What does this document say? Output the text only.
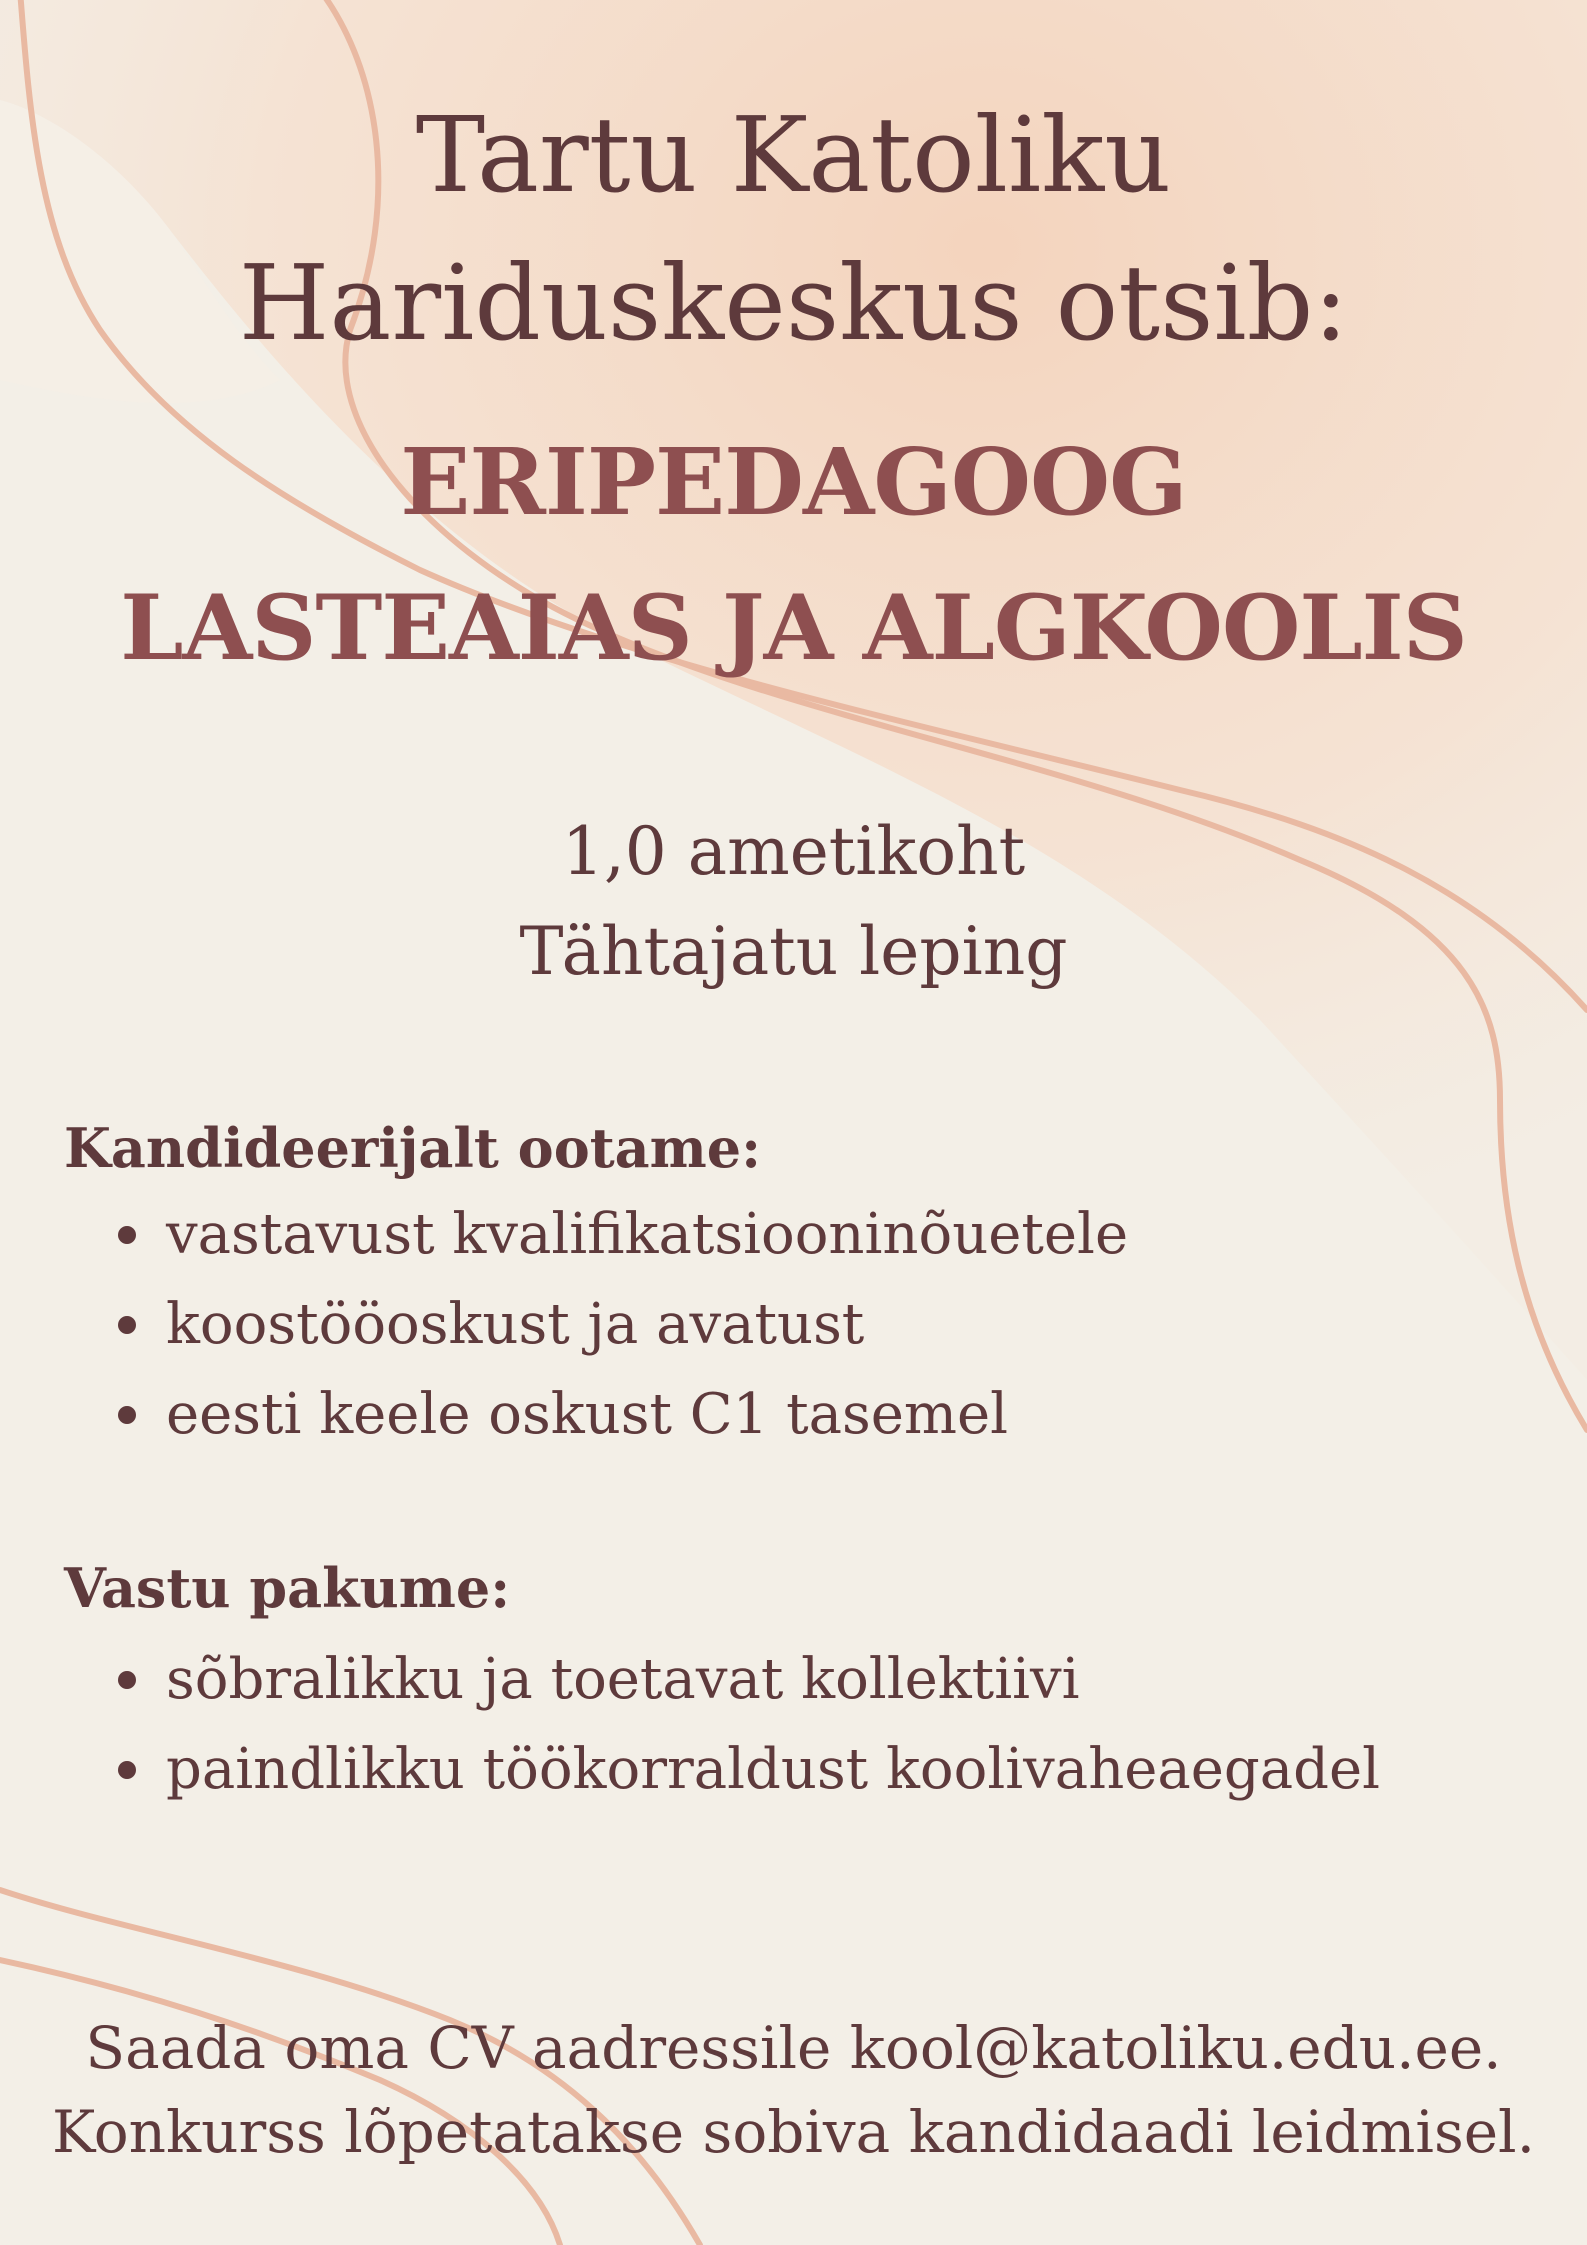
Tartu Katoliku
Hariduskeskus otsib:
ERIPEDAGOOG
LASTEAIAS JA ALGKOOLIS
1,0 ametikoht
Tähtajatu leping
Kandideerijalt ootame:
vastavust kvalifikatsiooninõuetele
koostööoskust ja avatust
eesti keele oskust C1 tasemel
Vastu pakume:
sõbralikku ja toetavat kollektiivi
paindlikku töökorraldust koolivaheaegadel
Saada oma CV aadressile kool@katoliku.edu.ee.
Konkurss lõpetatakse sobiva kandidaadi leidmisel.
